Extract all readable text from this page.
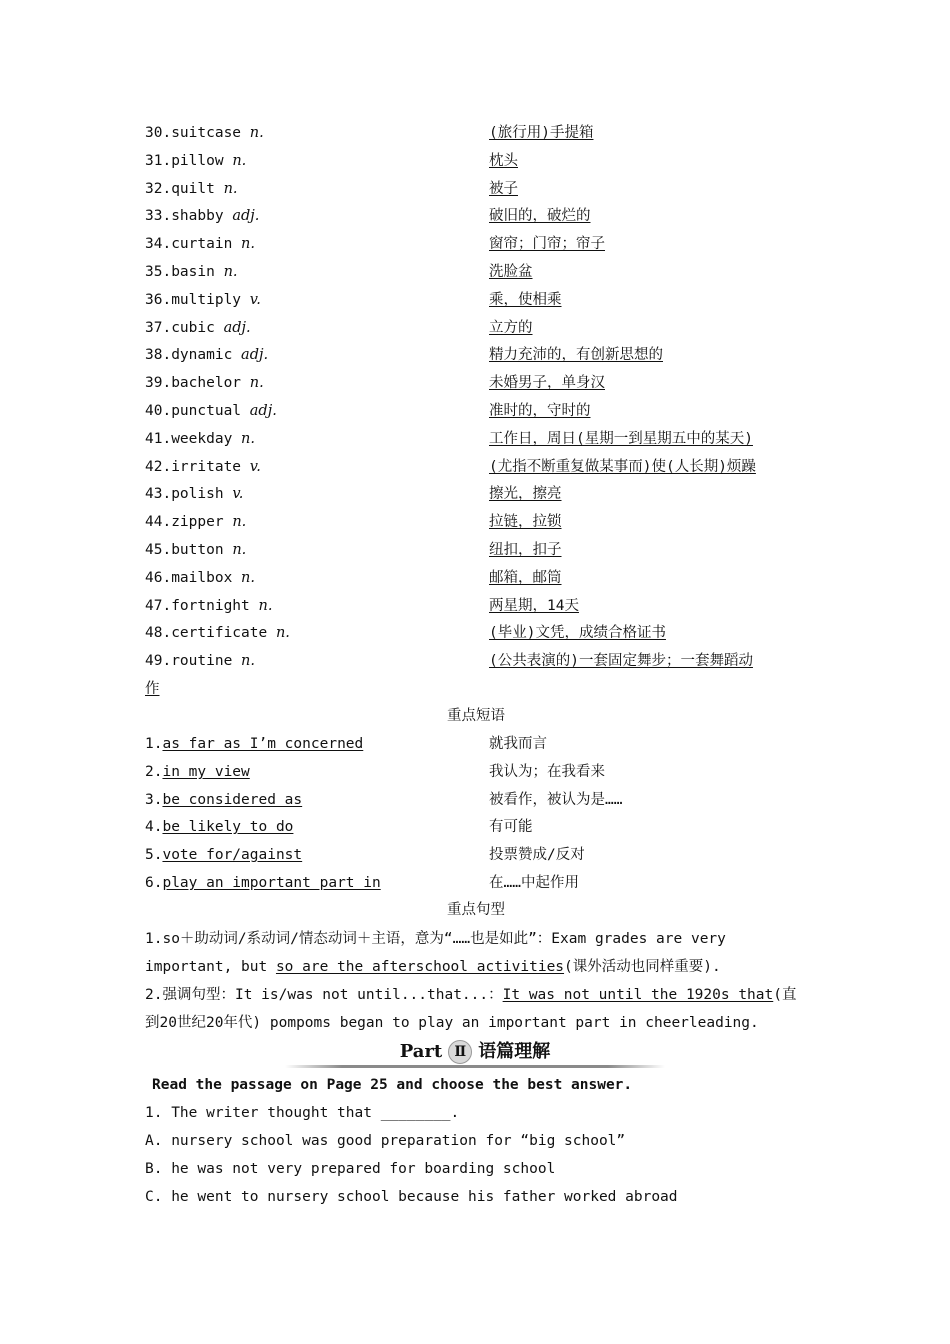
30.suitcase n.	(旅行用)手提箱
31.pillow n.	枕头
32.quilt n.	被子
33.shabby adj.	破旧的，破烂的
34.curtain n.	窗帘；门帘；帘子
35.basin n.	洗脸盆
36.multiply v.	乘，使相乘
37.cubic adj.	立方的
38.dynamic adj.	精力充沛的，有创新思想的
39.bachelor n.	未婚男子，单身汉
40.punctual adj.	准时的，守时的
41.weekday n.	工作日，周日(星期一到星期五中的某天)
42.irritate v.	(尤指不断重复做某事而)使(人长期)烦躁
43.polish v.	擦光，擦亮
44.zipper n.	拉链，拉锁
45.button n.	纽扣，扣子
46.mailbox n.	邮箱，邮筒
47.fortnight n.	两星期，14天
48.certificate n.	(毕业)文凭，成绩合格证书
49.routine n.	(公共表演的)一套固定舞步；一套舞蹈动
作
重点短语
1.as far as I’m concerned	就我而言
2.in my view	我认为；在我看来
3.be considered as	被看作，被认为是……
4.be likely to do	有可能
5.vote for/against	投票赞成/反对
6.play an important part in	在……中起作用
重点句型
1.so＋助动词/系动词/情态动词＋主语，意为“……也是如此”：Exam grades are very important, but so are the afterschool activities(课外活动也同样重要).
2.强调句型：It is/was not until...that...：It was not until the 1920s that(直到20世纪20年代) pompoms began to play an important part in cheerleading.
Part Ⅱ 语篇理解
Read the passage on Page 25 and choose the best answer.
1. The writer thought that ________.
A. nursery school was good preparation for “big school”
B. he was not very prepared for boarding school
C. he went to nursery school because his father worked abroad
